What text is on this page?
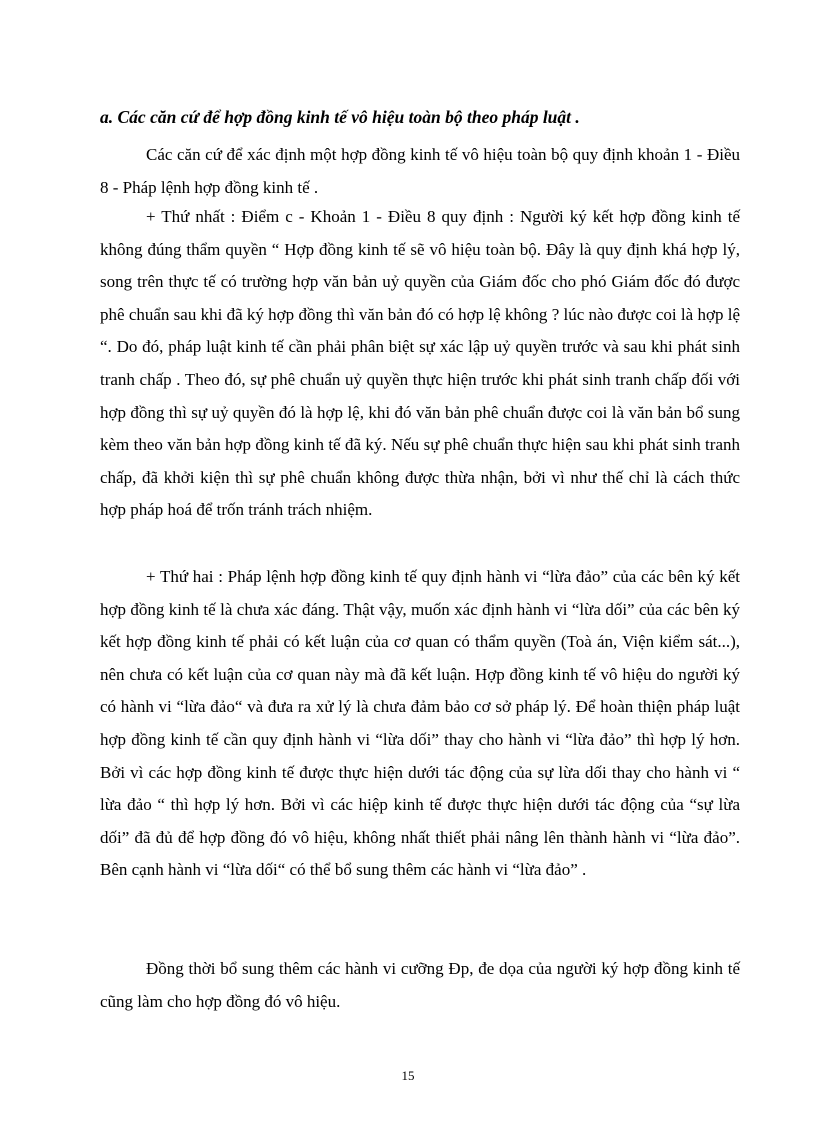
a. Các căn cứ để hợp đồng kinh tế vô hiệu toàn bộ theo pháp luật .

Các căn cứ để xác định một hợp đồng kinh tế vô hiệu toàn bộ quy định khoản 1 - Điều 8 - Pháp lệnh hợp đồng kinh tế .

+ Thứ nhất : Điểm c - Khoản 1 - Điều 8 quy định : Người ký kết hợp đồng kinh tế không đúng thẩm quyền “ Hợp đồng kinh tế sẽ vô hiệu toàn bộ. Đây là quy định khá hợp lý, song trên thực tế có trường hợp văn bản uỷ quyền của Giám đốc cho phó Giám đốc đó được phê chuẩn sau khi đã ký hợp đồng thì văn bản đó có hợp lệ không ? lúc nào được coi là hợp lệ “. Do đó, pháp luật kinh tế cần phải phân biệt sự xác lập uỷ quyền trước và sau khi phát sinh tranh chấp . Theo đó, sự phê chuẩn uỷ quyền thực hiện trước khi phát sinh tranh chấp đối với hợp đồng thì sự uỷ quyền đó là hợp lệ, khi đó văn bản phê chuẩn được coi là văn bản bổ sung kèm theo văn bản hợp đồng kinh tế đã ký. Nếu sự phê chuẩn thực hiện sau khi phát sinh tranh chấp, đã khởi kiện thì sự phê chuẩn không được thừa nhận, bởi vì như thế chỉ là cách thức hợp pháp hoá để trốn tránh trách nhiệm.

+ Thứ hai : Pháp lệnh hợp đồng kinh tế quy định hành vi “lừa đảo” của các bên ký kết hợp đồng kinh tế là chưa xác đáng. Thật vậy, muốn xác định hành vi “lừa dối” của các bên ký kết hợp đồng kinh tế phải có kết luận của cơ quan có thẩm quyền (Toà án, Viện kiểm sát...), nên chưa có kết luận của cơ quan này mà đã kết luận. Hợp đồng kinh tế vô hiệu do người ký có hành vi “lừa đảo“ và đưa ra xử lý là chưa đảm bảo cơ sở pháp lý. Để hoàn thiện pháp luật hợp đồng kinh tế cần quy định hành vi “lừa dối” thay cho hành vi “lừa đảo” thì hợp lý hơn. Bởi vì các hợp đồng kinh tế được thực hiện dưới tác động của sự lừa dối thay cho hành vi “ lừa đảo “ thì hợp lý hơn. Bởi vì các hiệp kinh tế được thực hiện dưới tác động của “sự lừa dối” đã đủ để hợp đồng đó vô hiệu, không nhất thiết phải nâng lên thành hành vi “lừa đảo”. Bên cạnh hành vi “lừa dối“ có thể bổ sung thêm các hành vi “lừa đảo” .

Đồng thời bổ sung thêm các hành vi cưỡng Đp, đe dọa của người ký hợp đồng kinh tế cũng làm cho hợp đồng đó vô hiệu.

15
